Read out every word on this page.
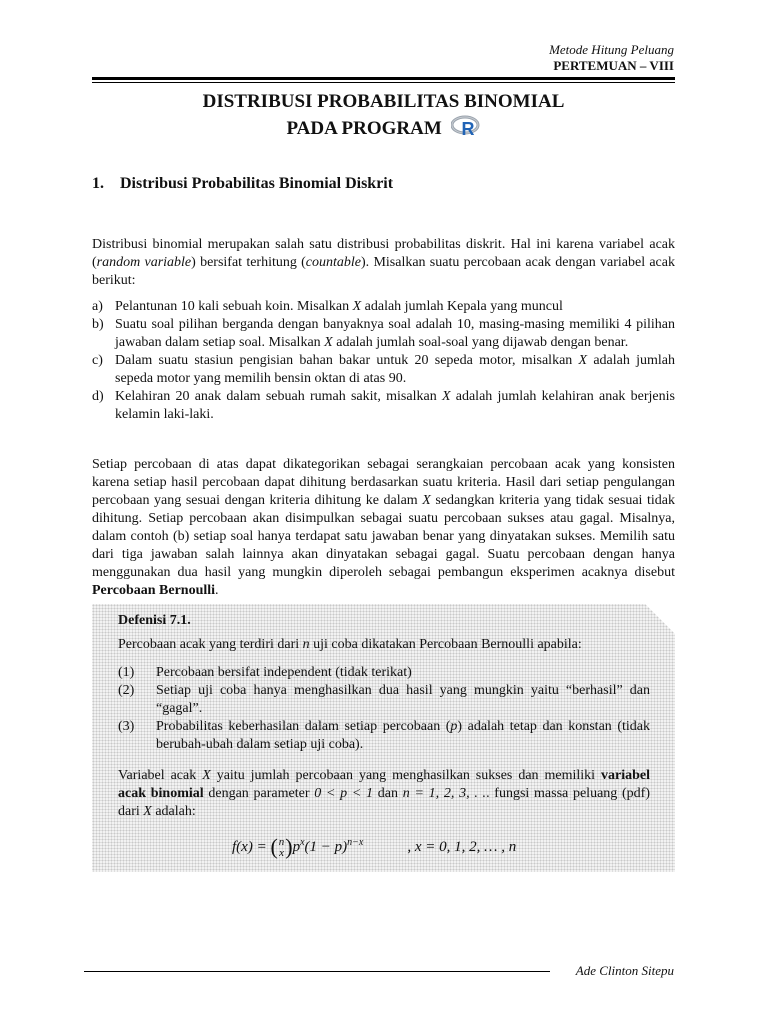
Metode Hitung Peluang
PERTEMUAN – VIII
DISTRIBUSI PROBABILITAS BINOMIAL
PADA PROGRAM R
1. Distribusi Probabilitas Binomial Diskrit
Distribusi binomial merupakan salah satu distribusi probabilitas diskrit. Hal ini karena variabel acak (random variable) bersifat terhitung (countable). Misalkan suatu percobaan acak dengan variabel acak berikut:
a) Pelantunan 10 kali sebuah koin. Misalkan X adalah jumlah Kepala yang muncul
b) Suatu soal pilihan berganda dengan banyaknya soal adalah 10, masing-masing memiliki 4 pilihan jawaban dalam setiap soal. Misalkan X adalah jumlah soal-soal yang dijawab dengan benar.
c) Dalam suatu stasiun pengisian bahan bakar untuk 20 sepeda motor, misalkan X adalah jumlah sepeda motor yang memilih bensin oktan di atas 90.
d) Kelahiran 20 anak dalam sebuah rumah sakit, misalkan X adalah jumlah kelahiran anak berjenis kelamin laki-laki.
Setiap percobaan di atas dapat dikategorikan sebagai serangkaian percobaan acak yang konsisten karena setiap hasil percobaan dapat dihitung berdasarkan suatu kriteria. Hasil dari setiap pengulangan percobaan yang sesuai dengan kriteria dihitung ke dalam X sedangkan kriteria yang tidak sesuai tidak dihitung. Setiap percobaan akan disimpulkan sebagai suatu percobaan sukses atau gagal. Misalnya, dalam contoh (b) setiap soal hanya terdapat satu jawaban benar yang dinyatakan sukses. Memilih satu dari tiga jawaban salah lainnya akan dinyatakan sebagai gagal. Suatu percobaan dengan hanya menggunakan dua hasil yang mungkin diperoleh sebagai pembangun eksperimen acaknya disebut Percobaan Bernoulli.
Defenisi 7.1.
Percobaan acak yang terdiri dari n uji coba dikatakan Percobaan Bernoulli apabila:
(1) Percobaan bersifat independent (tidak terikat)
(2) Setiap uji coba hanya menghasilkan dua hasil yang mungkin yaitu “berhasil” dan “gagal”.
(3) Probabilitas keberhasilan dalam setiap percobaan (p) adalah tetap dan konstan (tidak berubah-ubah dalam setiap uji coba).
Variabel acak X yaitu jumlah percobaan yang menghasilkan sukses dan memiliki variabel acak binomial dengan parameter 0 < p < 1 dan n = 1, 2, 3, . .. fungsi massa peluang (pdf) dari X adalah:
f(x) = (n
$x)p^x(1 - p)^{n-x}$	, x = 0, 1, 2, … , n
Ade Clinton Sitepu
